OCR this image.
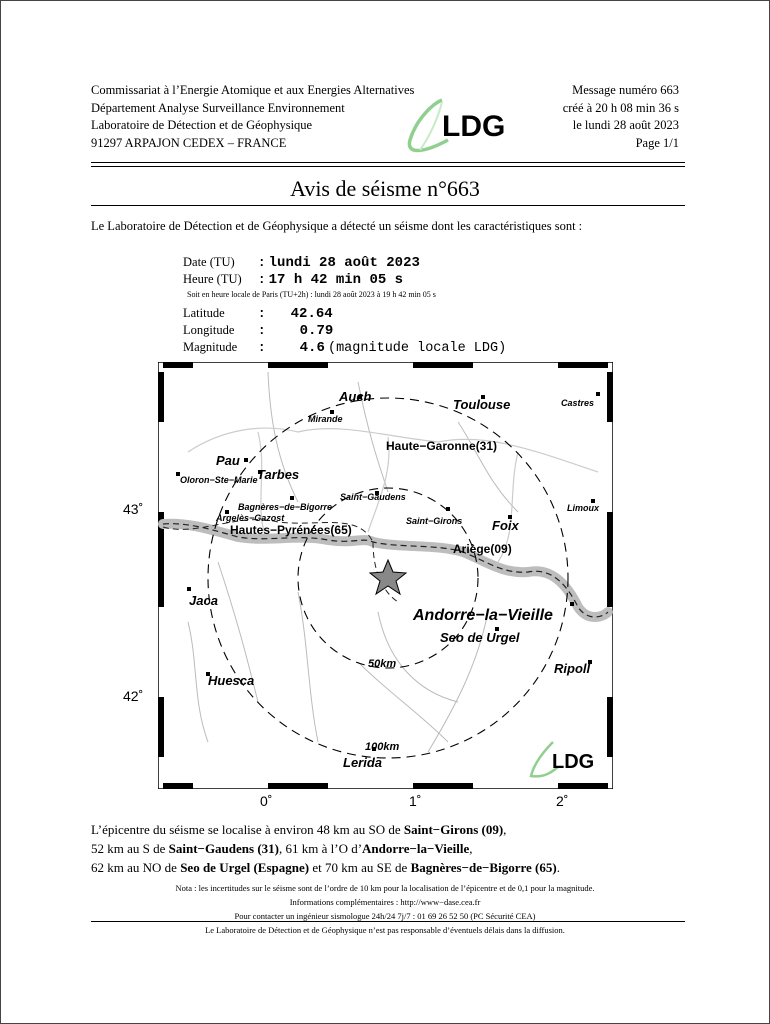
Commissariat à l’Energie Atomique et aux Energies Alternatives
Département Analyse Surveillance Environnement
Laboratoire de Détection et de Géophysique
91297 ARPAJON CEDEX – FRANCE
Message numéro 663
créé à 20 h 08 min 36 s
le lundi 28 août 2023
Page 1/1
LDG
Avis de séisme n°663
Le Laboratoire de Détection et de Géophysique a détecté un séisme dont les caractéristiques sont :
Date (TU) : lundi 28 août 2023
Heure (TU) : 17 h 42 min 05 s
Soit en heure locale de Paris (TU+2h) : lundi 28 août 2023 à 19 h 42 min 05 s
Latitude	: 42.64
Longitude : 0.79
Magnitude : 4.6 (magnitude locale LDG)
Auch
Mirande
Toulouse	Castres
Haute−Garonne(31)
Pau
Tarbes
Oloron−Ste−Marie
Saint−Gaudens
Limoux
Bagnères−de−Bigorre
Argelès−Gazost
Hautes−Pyrénées(65)
Saint−Girons Foix
Ariège(09)
Jaca
Andorre−la−Vieille
Seo de Urgel
Ripoll
Huesca
Lerida
50km
100km
LDG
43˚
42˚
0˚	1˚	2˚
L’épicentre du séisme se localise à environ 48 km au SO de Saint−Girons (09),
52 km au S de Saint−Gaudens (31), 61 km à l’O d’Andorre−la−Vieille,
62 km au NO de Seo de Urgel (Espagne) et 70 km au SE de Bagnères−de−Bigorre (65).
Nota : les incertitudes sur le séisme sont de l’ordre de 10 km pour la localisation de l’épicentre et de 0,1 pour la magnitude.
Informations complémentaires : http://www−dase.cea.fr
Pour contacter un ingénieur sismologue 24h/24 7j/7 : 01 69 26 52 50 (PC Sécurité CEA)
Le Laboratoire de Détection et de Géophysique n’est pas responsable d’éventuels délais dans la diffusion.
